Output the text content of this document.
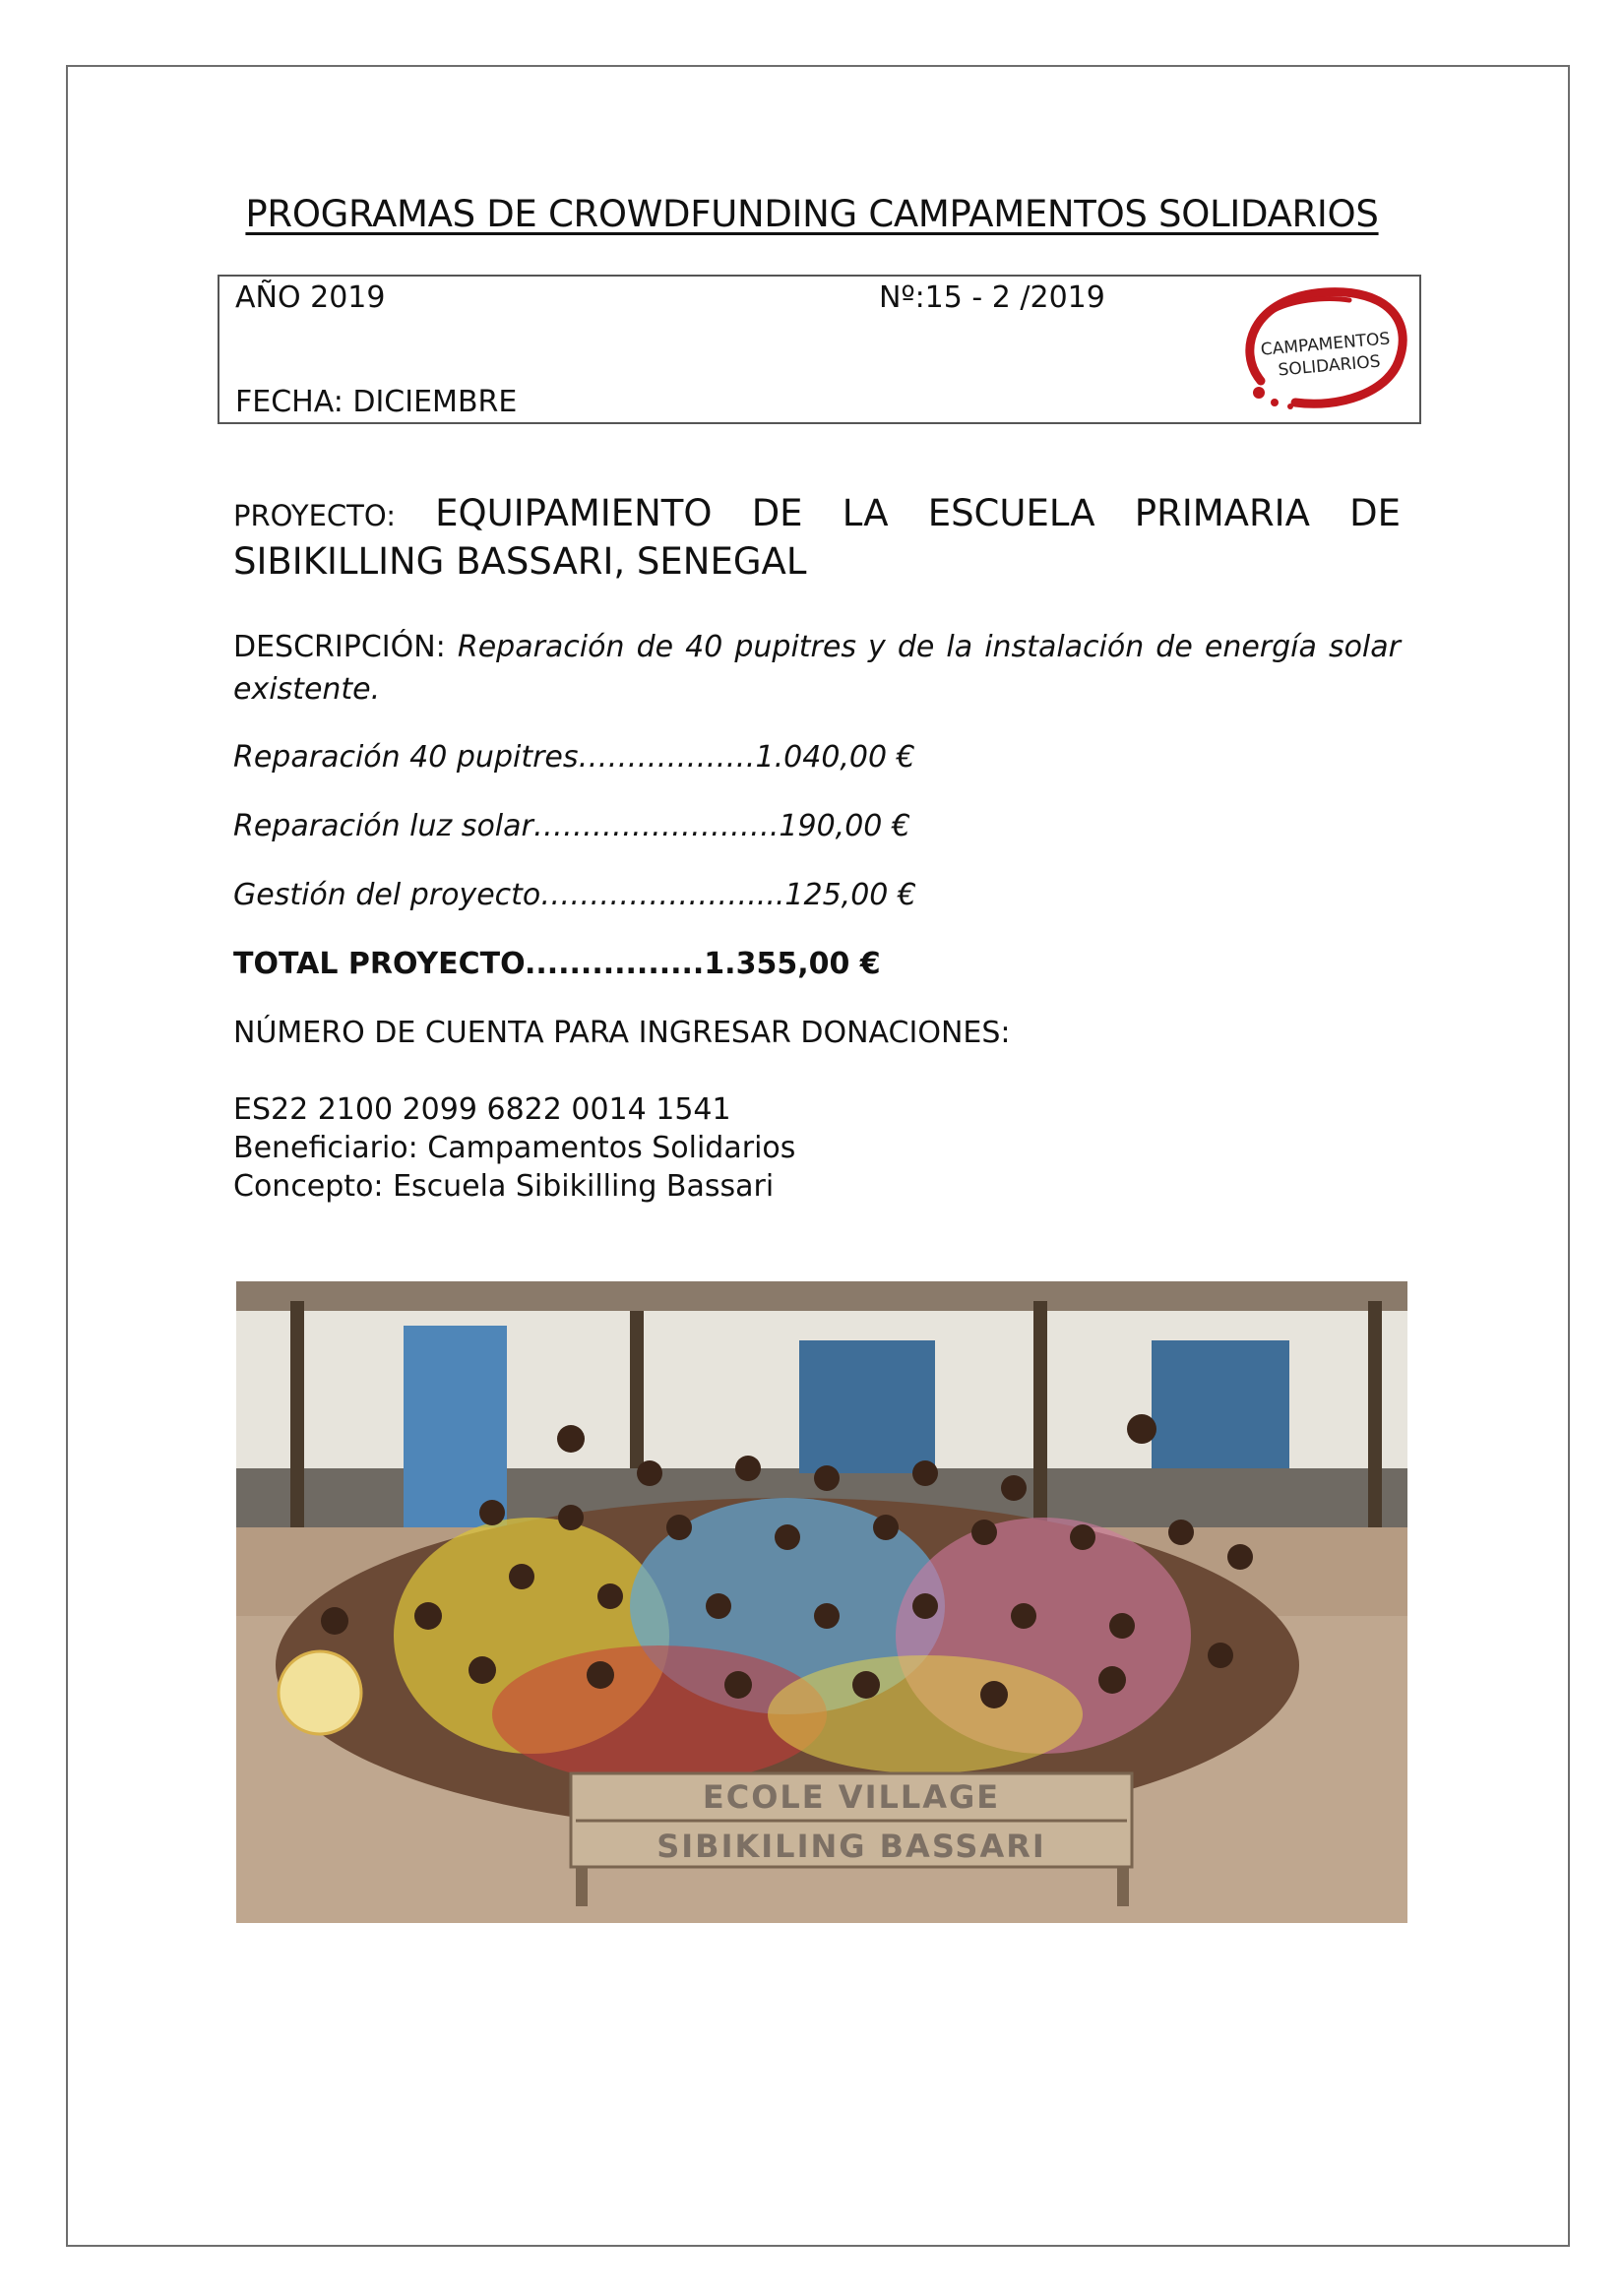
PROGRAMAS DE CROWDFUNDING CAMPAMENTOS SOLIDARIOS
AÑO 2019	Nº:15 - 2 /2019
FECHA: DICIEMBRE
CAMPAMENTOS
SOLIDARIOS
PROYECTO: EQUIPAMIENTO DE LA ESCUELA PRIMARIA DE
SIBIKILLING BASSARI, SENEGAL
DESCRIPCIÓN: Reparación de 40 pupitres y de la instalación de energía solar existente.
Reparación 40 pupitres………………1.040,00 €
Reparación luz solar…………………….190,00 €
Gestión del proyecto…………………....125,00 €
TOTAL PROYECTO................1.355,00 €
NÚMERO DE CUENTA PARA INGRESAR DONACIONES:
ES22 2100 2099 6822 0014 1541
Beneficiario: Campamentos Solidarios
Concepto: Escuela Sibikilling Bassari
ECOLE VILLAGE
SIBIKILING BASSARI
